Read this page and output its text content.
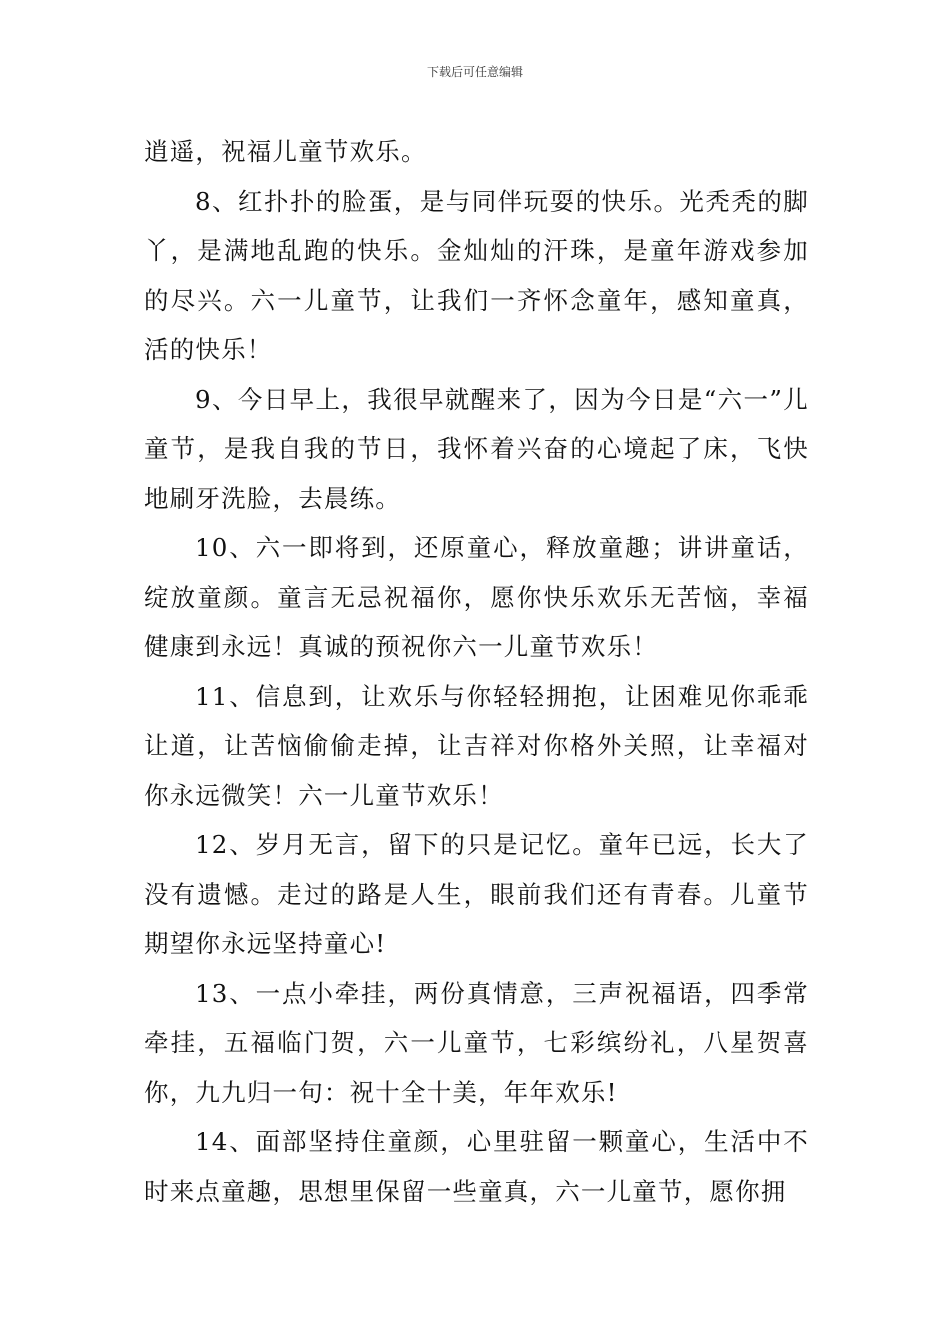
下载后可任意编辑

逍遥，祝福儿童节欢乐。

8、红扑扑的脸蛋，是与同伴玩耍的快乐。光秃秃的脚丫，是满地乱跑的快乐。金灿灿的汗珠，是童年游戏参加的尽兴。六一儿童节，让我们一齐怀念童年，感知童真，活的快乐！

9、今日早上，我很早就醒来了，因为今日是“六一”儿童节，是我自我的节日，我怀着兴奋的心境起了床，飞快地刷牙洗脸，去晨练。

10、六一即将到，还原童心，释放童趣；讲讲童话，绽放童颜。童言无忌祝福你，愿你快乐欢乐无苦恼，幸福健康到永远！真诚的预祝你六一儿童节欢乐！

11、信息到，让欢乐与你轻轻拥抱，让困难见你乖乖让道，让苦恼偷偷走掉，让吉祥对你格外关照，让幸福对你永远微笑！六一儿童节欢乐！

12、岁月无言，留下的只是记忆。童年已远，长大了没有遗憾。走过的路是人生，眼前我们还有青春。儿童节期望你永远坚持童心!

13、一点小牵挂，两份真情意，三声祝福语，四季常牵挂，五福临门贺，六一儿童节，七彩缤纷礼，八星贺喜你，九九归一句：祝十全十美，年年欢乐!

14、面部坚持住童颜，心里驻留一颗童心，生活中不时来点童趣，思想里保留一些童真，六一儿童节，愿你拥
